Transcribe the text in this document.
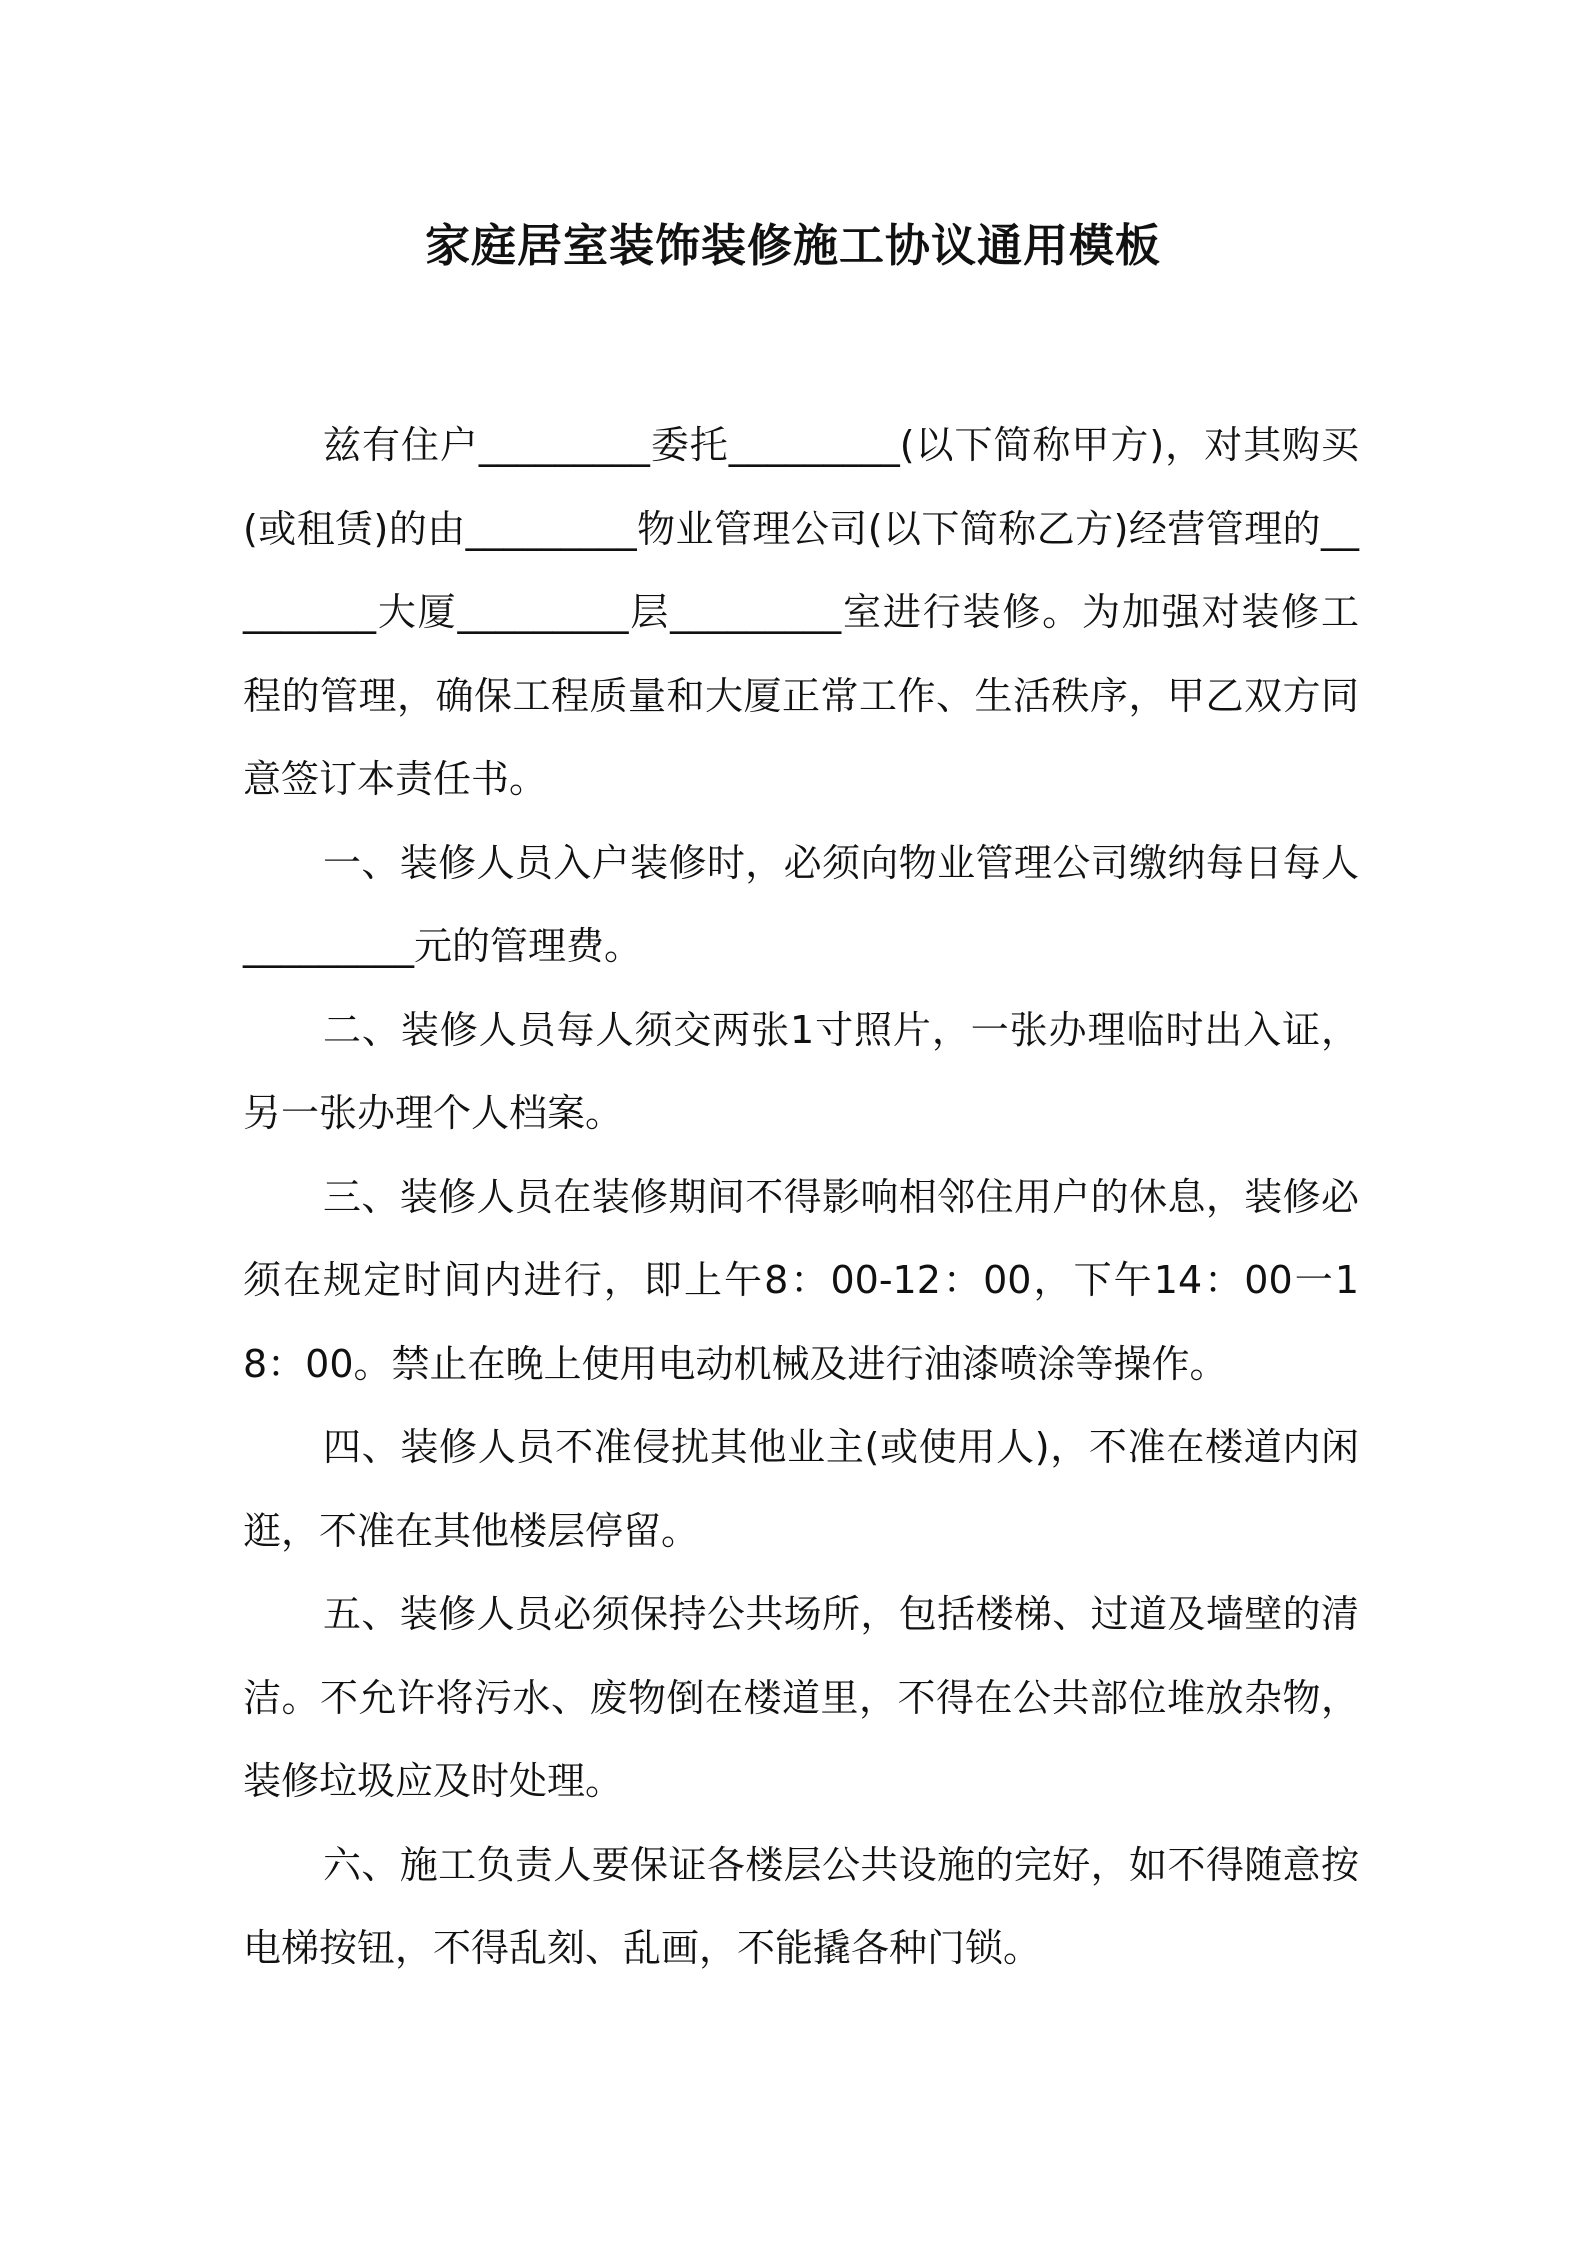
家庭居室装饰装修施工协议通用模板

兹有住户_________委托_________(以下简称甲方)，对其购买(或租赁)的由_________物业管理公司(以下简称乙方)经营管理的_________大厦_________层_________室进行装修。为加强对装修工程的管理，确保工程质量和大厦正常工作、生活秩序，甲乙双方同意签订本责任书。

一、装修人员入户装修时，必须向物业管理公司缴纳每日每人_________元的管理费。

二、装修人员每人须交两张1寸照片，一张办理临时出入证，另一张办理个人档案。

三、装修人员在装修期间不得影响相邻住用户的休息，装修必须在规定时间内进行，即上午8：00-12：00，下午14：00一18：00。禁止在晚上使用电动机械及进行油漆喷涂等操作。

四、装修人员不准侵扰其他业主(或使用人)，不准在楼道内闲逛，不准在其他楼层停留。

五、装修人员必须保持公共场所，包括楼梯、过道及墙壁的清洁。不允许将污水、废物倒在楼道里，不得在公共部位堆放杂物，装修垃圾应及时处理。

六、施工负责人要保证各楼层公共设施的完好，如不得随意按电梯按钮，不得乱刻、乱画，不能撬各种门锁。
